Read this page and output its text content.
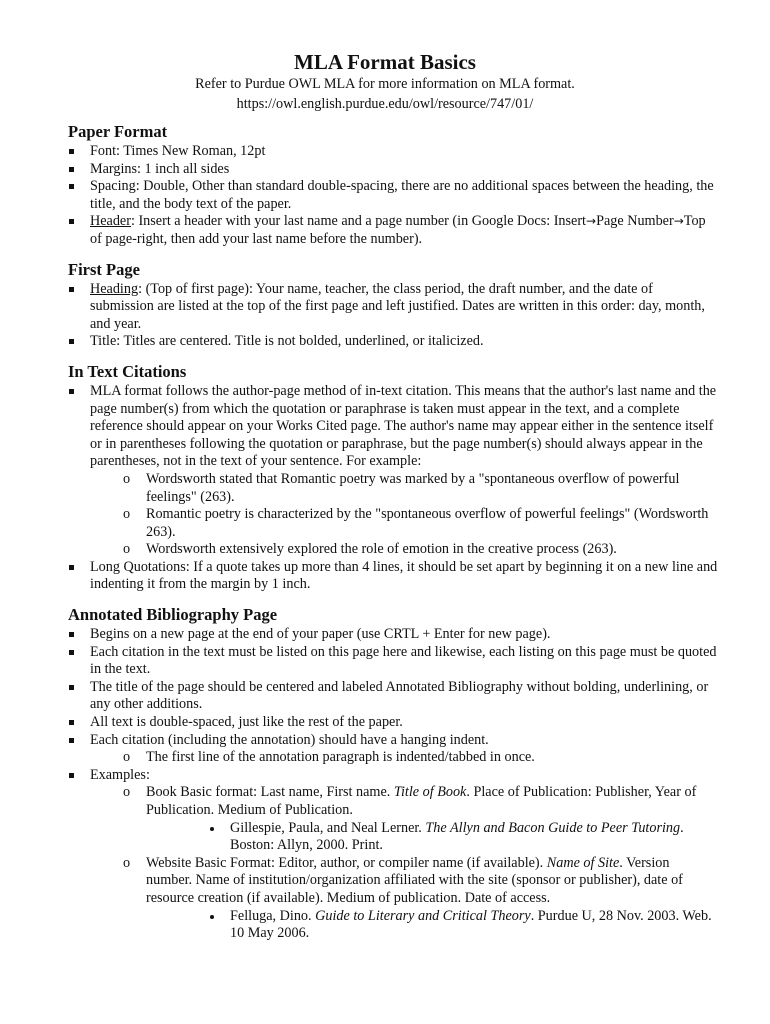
MLA Format Basics
Refer to Purdue OWL MLA for more information on MLA format.
https://owl.english.purdue.edu/owl/resource/747/01/
Paper Format
Font: Times New Roman, 12pt
Margins: 1 inch all sides
Spacing: Double, Other than standard double-spacing, there are no additional spaces between the heading, the title, and the body text of the paper.
Header: Insert a header with your last name and a page number (in Google Docs: Insert→Page Number→Top of page-right, then add your last name before the number).
First Page
Heading: (Top of first page): Your name, teacher, the class period, the draft number, and the date of submission are listed at the top of the first page and left justified. Dates are written in this order: day, month, and year.
Title: Titles are centered. Title is not bolded, underlined, or italicized.
In Text Citations
MLA format follows the author-page method of in-text citation. This means that the author's last name and the page number(s) from which the quotation or paraphrase is taken must appear in the text, and a complete reference should appear on your Works Cited page. The author's name may appear either in the sentence itself or in parentheses following the quotation or paraphrase, but the page number(s) should always appear in the parentheses, not in the text of your sentence. For example:
o Wordsworth stated that Romantic poetry was marked by a "spontaneous overflow of powerful feelings" (263).
o Romantic poetry is characterized by the "spontaneous overflow of powerful feelings" (Wordsworth 263).
o Wordsworth extensively explored the role of emotion in the creative process (263).
Long Quotations: If a quote takes up more than 4 lines, it should be set apart by beginning it on a new line and indenting it from the margin by 1 inch.
Annotated Bibliography Page
Begins on a new page at the end of your paper (use CRTL + Enter for new page).
Each citation in the text must be listed on this page here and likewise, each listing on this page must be quoted in the text.
The title of the page should be centered and labeled Annotated Bibliography without bolding, underlining, or any other additions.
All text is double-spaced, just like the rest of the paper.
Each citation (including the annotation) should have a hanging indent.
o The first line of the annotation paragraph is indented/tabbed in once.
Examples:
o Book Basic format: Last name, First name. Title of Book. Place of Publication: Publisher, Year of Publication. Medium of Publication.
Gillespie, Paula, and Neal Lerner. The Allyn and Bacon Guide to Peer Tutoring. Boston: Allyn, 2000. Print.
o Website Basic Format: Editor, author, or compiler name (if available). Name of Site. Version number. Name of institution/organization affiliated with the site (sponsor or publisher), date of resource creation (if available). Medium of publication. Date of access.
Felluga, Dino. Guide to Literary and Critical Theory. Purdue U, 28 Nov. 2003. Web. 10 May 2006.
